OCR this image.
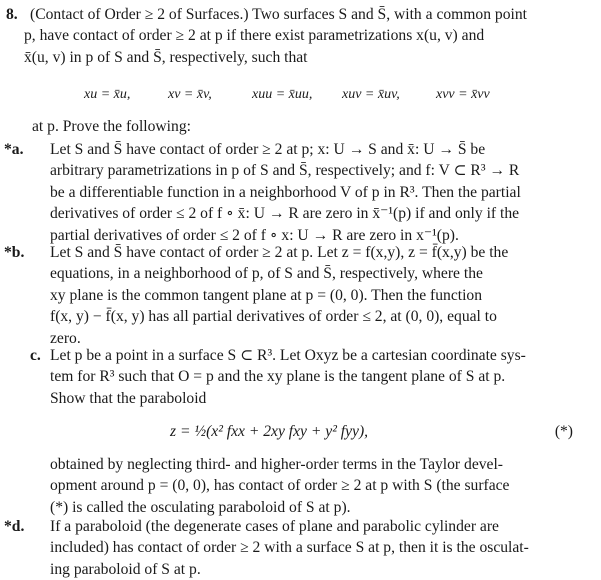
8. (Contact of Order ≥ 2 of Surfaces.) Two surfaces S and S̄, with a common point
p, have contact of order ≥ 2 at p if there exist parametrizations x(u, v) and
x̄(u, v) in p of S and S̄, respectively, such that
xu = x̄u,	xv = x̄v,	xuu = x̄uu, xuv = x̄uv,	xvv = x̄vv
at p. Prove the following:
*a. Let S and S̄ have contact of order ≥ 2 at p; x: U → S and x̄: U → S̄ be
arbitrary parametrizations in p of S and S̄, respectively; and f: V ⊂ R³ → R
be a differentiable function in a neighborhood V of p in R³. Then the partial
derivatives of order ≤ 2 of f ∘ x̄: U → R are zero in x̄⁻¹(p) if and only if the
partial derivatives of order ≤ 2 of f ∘ x: U → R are zero in x⁻¹(p).
*b. Let S and S̄ have contact of order ≥ 2 at p. Let z = f(x,y), z = f̄(x,y) be the
equations, in a neighborhood of p, of S and S̄, respectively, where the
xy plane is the common tangent plane at p = (0, 0). Then the function
f(x, y) − f̄(x, y) has all partial derivatives of order ≤ 2, at (0, 0), equal to
zero.
c. Let p be a point in a surface S ⊂ R³. Let Oxyz be a cartesian coordinate sys-
tem for R³ such that O = p and the xy plane is the tangent plane of S at p.
Show that the paraboloid
z = ½(x² fxx + 2xy fxy + y² fyy),	(*)
obtained by neglecting third- and higher-order terms in the Taylor devel-
opment around p = (0, 0), has contact of order ≥ 2 at p with S (the surface
(*) is called the osculating paraboloid of S at p).
*d. If a paraboloid (the degenerate cases of plane and parabolic cylinder are
included) has contact of order ≥ 2 with a surface S at p, then it is the osculat-
ing paraboloid of S at p.
